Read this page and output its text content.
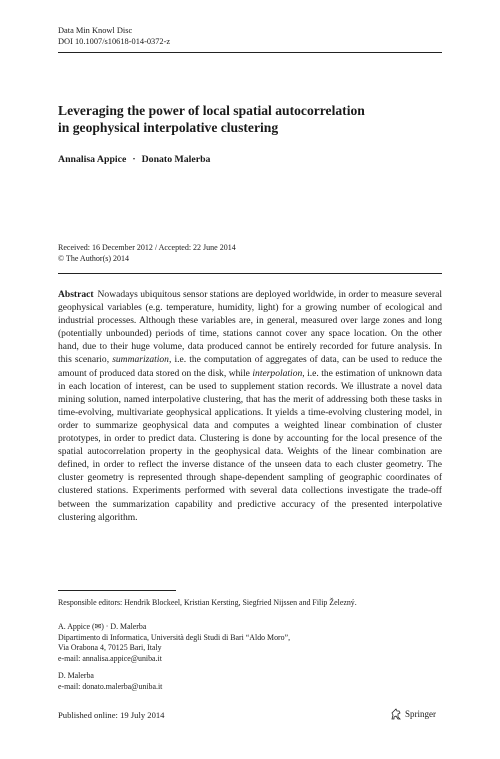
Data Min Knowl Disc
DOI 10.1007/s10618-014-0372-z
Leveraging the power of local spatial autocorrelation
in geophysical interpolative clustering
Annalisa Appice · Donato Malerba
Received: 16 December 2012 / Accepted: 22 June 2014
© The Author(s) 2014
Abstract Nowadays ubiquitous sensor stations are deployed worldwide, in order to measure several geophysical variables (e.g. temperature, humidity, light) for a growing number of ecological and industrial processes. Although these variables are, in general, measured over large zones and long (potentially unbounded) periods of time, stations cannot cover any space location. On the other hand, due to their huge volume, data produced cannot be entirely recorded for future analysis. In this scenario, summarization, i.e. the computation of aggregates of data, can be used to reduce the amount of produced data stored on the disk, while interpolation, i.e. the estimation of unknown data in each location of interest, can be used to supplement station records. We illustrate a novel data mining solution, named interpolative clustering, that has the merit of addressing both these tasks in time-evolving, multivariate geophysical applications. It yields a time-evolving clustering model, in order to summarize geophysical data and computes a weighted linear combination of cluster prototypes, in order to predict data. Clustering is done by accounting for the local presence of the spatial autocorrelation property in the geophysical data. Weights of the linear combination are defined, in order to reflect the inverse distance of the unseen data to each cluster geometry. The cluster geometry is represented through shape-dependent sampling of geographic coordinates of clustered stations. Experiments performed with several data collections investigate the trade-off between the summarization capability and predictive accuracy of the presented interpolative clustering algorithm.
Responsible editors: Hendrik Blockeel, Kristian Kersting, Siegfried Nijssen and Filip Železný.
A. Appice (✉) · D. Malerba
Dipartimento di Informatica, Università degli Studi di Bari “Aldo Moro”,
Via Orabona 4, 70125 Bari, Italy
e-mail: annalisa.appice@uniba.it
D. Malerba
e-mail: donato.malerba@uniba.it
Published online: 19 July 2014	Springer
